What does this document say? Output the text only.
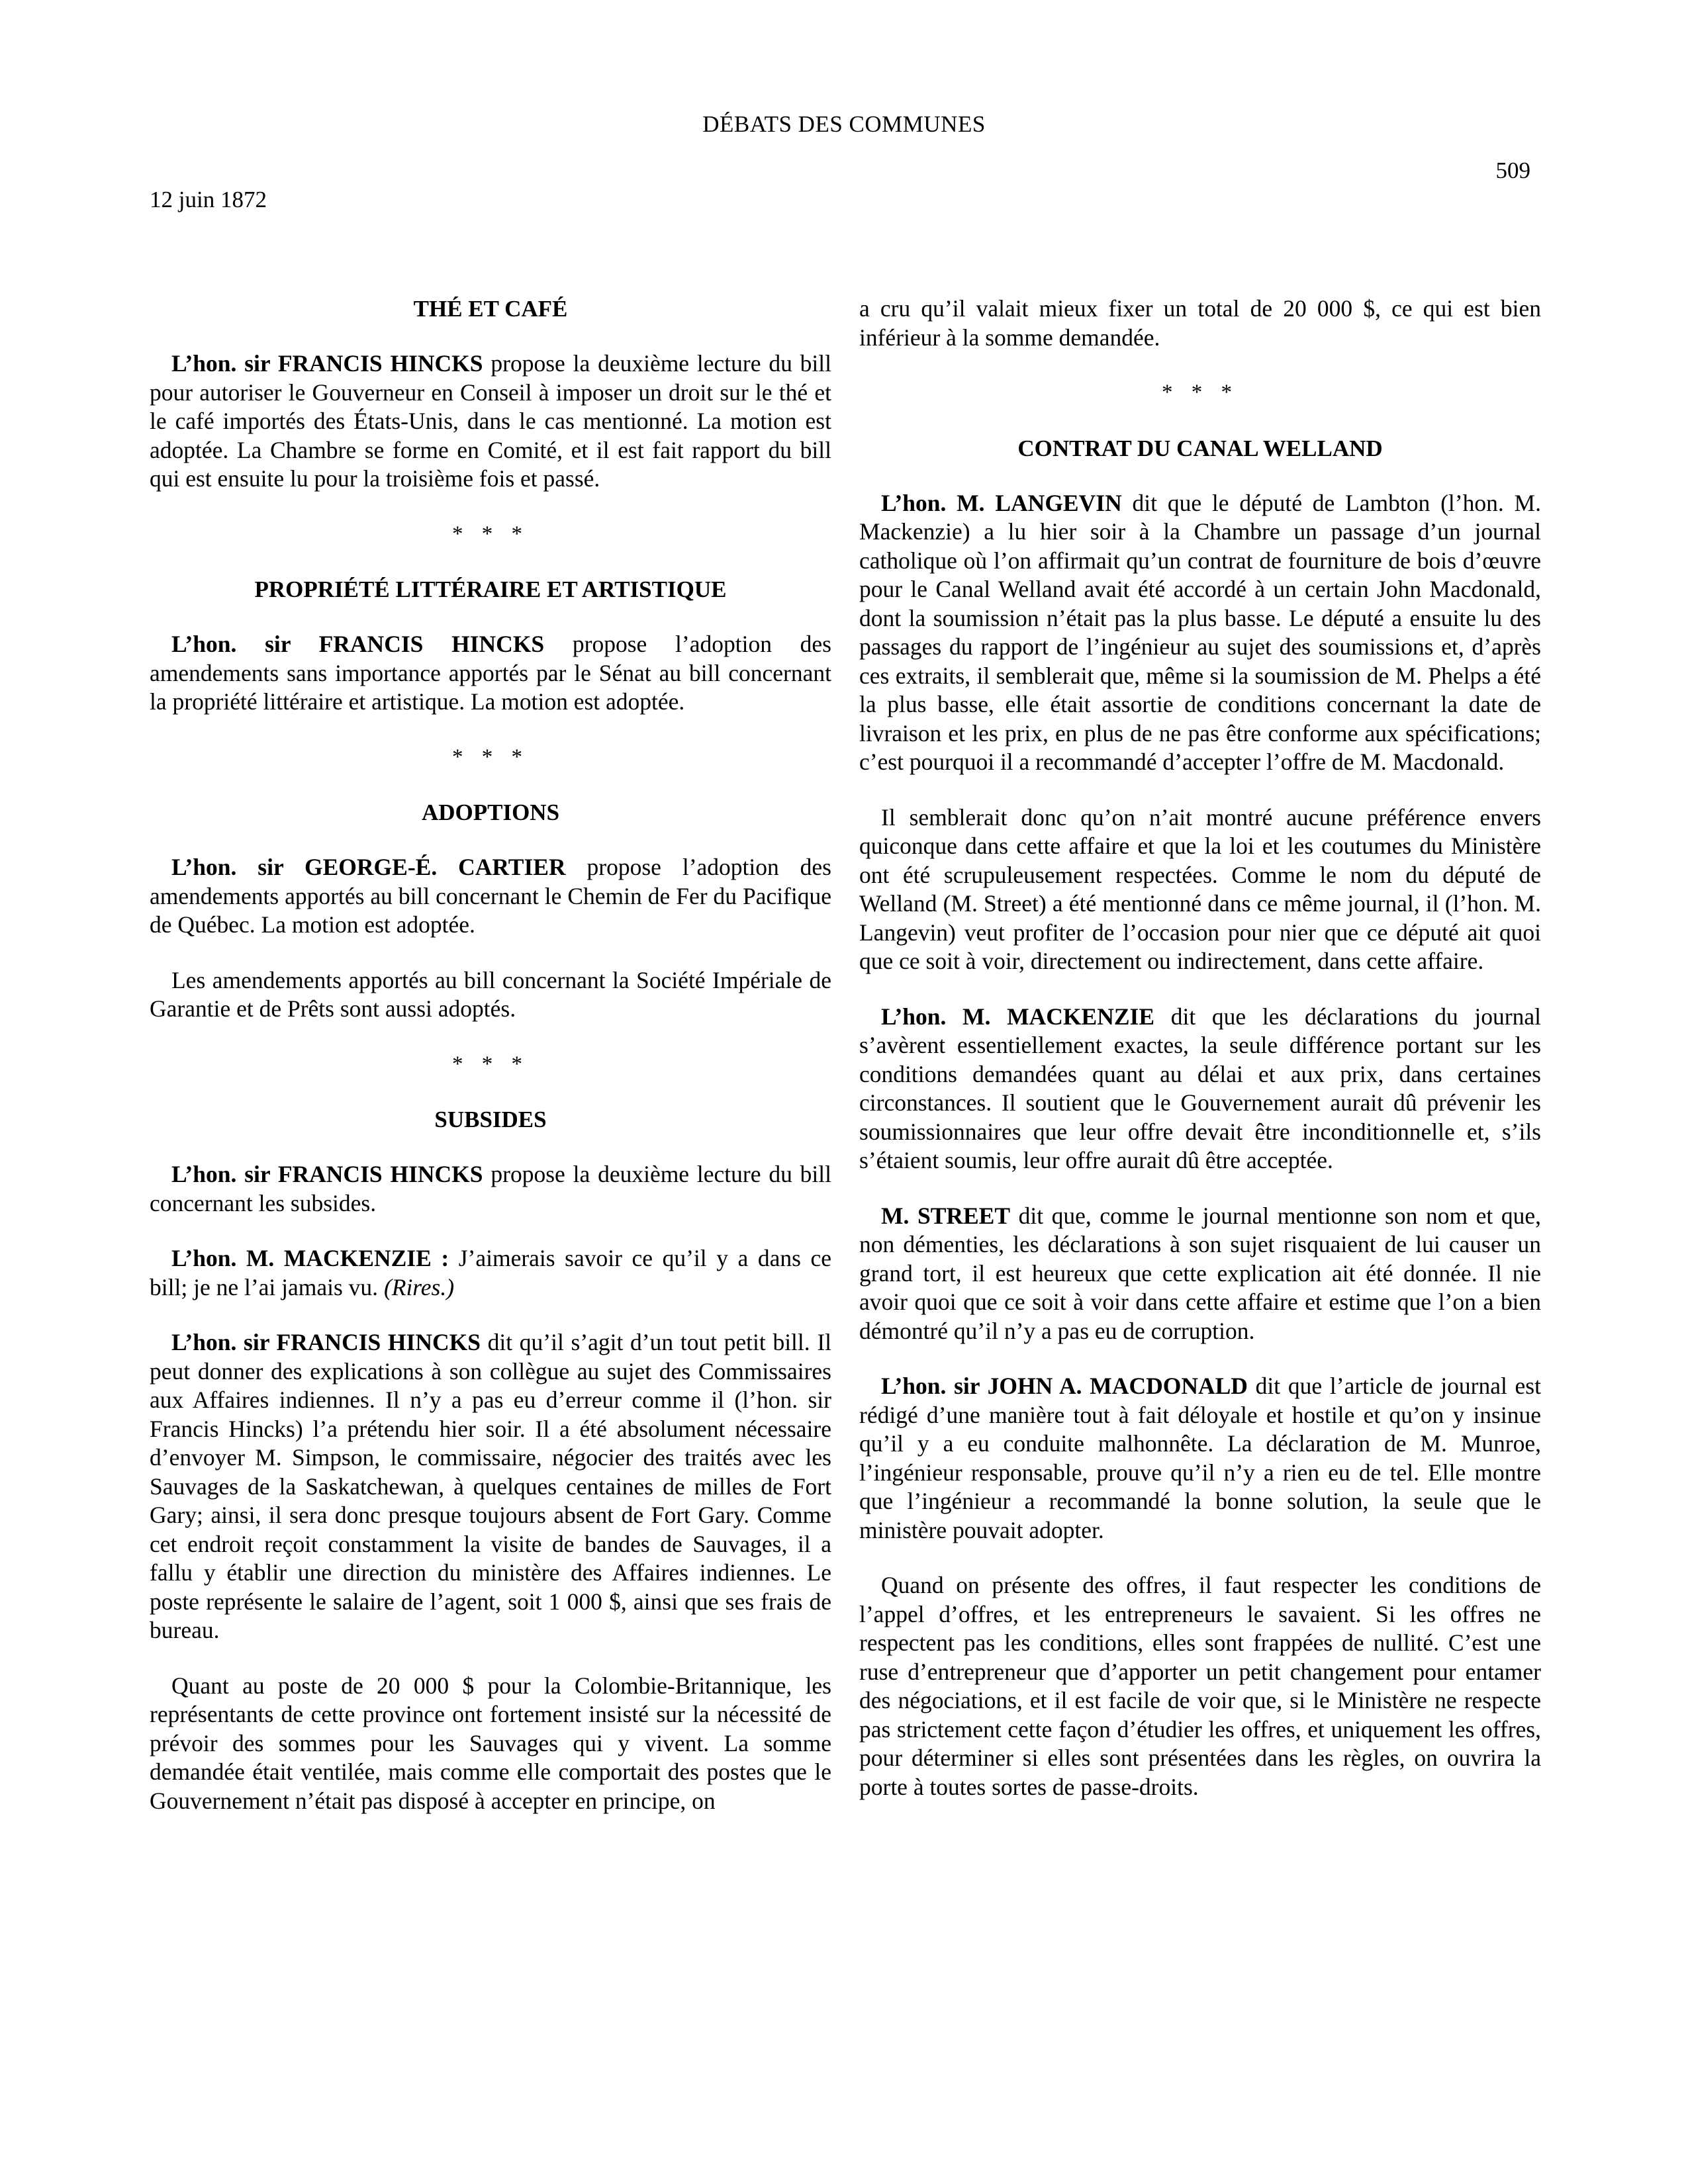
DÉBATS DES COMMUNES
509
12 juin 1872
THÉ ET CAFÉ

L’hon. sir FRANCIS HINCKS propose la deuxième lecture du bill pour autoriser le Gouverneur en Conseil à imposer un droit sur le thé et le café importés des États-Unis, dans le cas mentionné. La motion est adoptée. La Chambre se forme en Comité, et il est fait rapport du bill qui est ensuite lu pour la troisième fois et passé.

* * *
PROPRIÉTÉ LITTÉRAIRE ET ARTISTIQUE

L’hon. sir FRANCIS HINCKS propose l’adoption des amendements sans importance apportés par le Sénat au bill concernant la propriété littéraire et artistique. La motion est adoptée.

* * *
ADOPTIONS

L’hon. sir GEORGE-É. CARTIER propose l’adoption des amendements apportés au bill concernant le Chemin de Fer du Pacifique de Québec. La motion est adoptée.

Les amendements apportés au bill concernant la Société Impériale de Garantie et de Prêts sont aussi adoptés.

* * *
SUBSIDES

L’hon. sir FRANCIS HINCKS propose la deuxième lecture du bill concernant les subsides.

L’hon. M. MACKENZIE : J’aimerais savoir ce qu’il y a dans ce bill; je ne l’ai jamais vu. (Rires.)

L’hon. sir FRANCIS HINCKS dit qu’il s’agit d’un tout petit bill. Il peut donner des explications à son collègue au sujet des Commissaires aux Affaires indiennes. Il n’y a pas eu d’erreur comme il (l’hon. sir Francis Hincks) l’a prétendu hier soir. Il a été absolument nécessaire d’envoyer M. Simpson, le commissaire, négocier des traités avec les Sauvages de la Saskatchewan, à quelques centaines de milles de Fort Gary; ainsi, il sera donc presque toujours absent de Fort Gary. Comme cet endroit reçoit constamment la visite de bandes de Sauvages, il a fallu y établir une direction du ministère des Affaires indiennes. Le poste représente le salaire de l’agent, soit 1 000 $, ainsi que ses frais de bureau.

Quant au poste de 20 000 $ pour la Colombie-Britannique, les représentants de cette province ont fortement insisté sur la nécessité de prévoir des sommes pour les Sauvages qui y vivent. La somme demandée était ventilée, mais comme elle comportait des postes que le Gouvernement n’était pas disposé à accepter en principe, on

a cru qu’il valait mieux fixer un total de 20 000 $, ce qui est bien inférieur à la somme demandée.

* * *
CONTRAT DU CANAL WELLAND

L’hon. M. LANGEVIN dit que le député de Lambton (l’hon. M. Mackenzie) a lu hier soir à la Chambre un passage d’un journal catholique où l’on affirmait qu’un contrat de fourniture de bois d’œuvre pour le Canal Welland avait été accordé à un certain John Macdonald, dont la soumission n’était pas la plus basse. Le député a ensuite lu des passages du rapport de l’ingénieur au sujet des soumissions et, d’après ces extraits, il semblerait que, même si la soumission de M. Phelps a été la plus basse, elle était assortie de conditions concernant la date de livraison et les prix, en plus de ne pas être conforme aux spécifications; c’est pourquoi il a recommandé d’accepter l’offre de M. Macdonald.

Il semblerait donc qu’on n’ait montré aucune préférence envers quiconque dans cette affaire et que la loi et les coutumes du Ministère ont été scrupuleusement respectées. Comme le nom du député de Welland (M. Street) a été mentionné dans ce même journal, il (l’hon. M. Langevin) veut profiter de l’occasion pour nier que ce député ait quoi que ce soit à voir, directement ou indirectement, dans cette affaire.

L’hon. M. MACKENZIE dit que les déclarations du journal s’avèrent essentiellement exactes, la seule différence portant sur les conditions demandées quant au délai et aux prix, dans certaines circonstances. Il soutient que le Gouvernement aurait dû prévenir les soumissionnaires que leur offre devait être inconditionnelle et, s’ils s’étaient soumis, leur offre aurait dû être acceptée.

M. STREET dit que, comme le journal mentionne son nom et que, non démenties, les déclarations à son sujet risquaient de lui causer un grand tort, il est heureux que cette explication ait été donnée. Il nie avoir quoi que ce soit à voir dans cette affaire et estime que l’on a bien démontré qu’il n’y a pas eu de corruption.

L’hon. sir JOHN A. MACDONALD dit que l’article de journal est rédigé d’une manière tout à fait déloyale et hostile et qu’on y insinue qu’il y a eu conduite malhonnête. La déclaration de M. Munroe, l’ingénieur responsable, prouve qu’il n’y a rien eu de tel. Elle montre que l’ingénieur a recommandé la bonne solution, la seule que le ministère pouvait adopter.

Quand on présente des offres, il faut respecter les conditions de l’appel d’offres, et les entrepreneurs le savaient. Si les offres ne respectent pas les conditions, elles sont frappées de nullité. C’est une ruse d’entrepreneur que d’apporter un petit changement pour entamer des négociations, et il est facile de voir que, si le Ministère ne respecte pas strictement cette façon d’étudier les offres, et uniquement les offres, pour déterminer si elles sont présentées dans les règles, on ouvrira la porte à toutes sortes de passe-droits.
